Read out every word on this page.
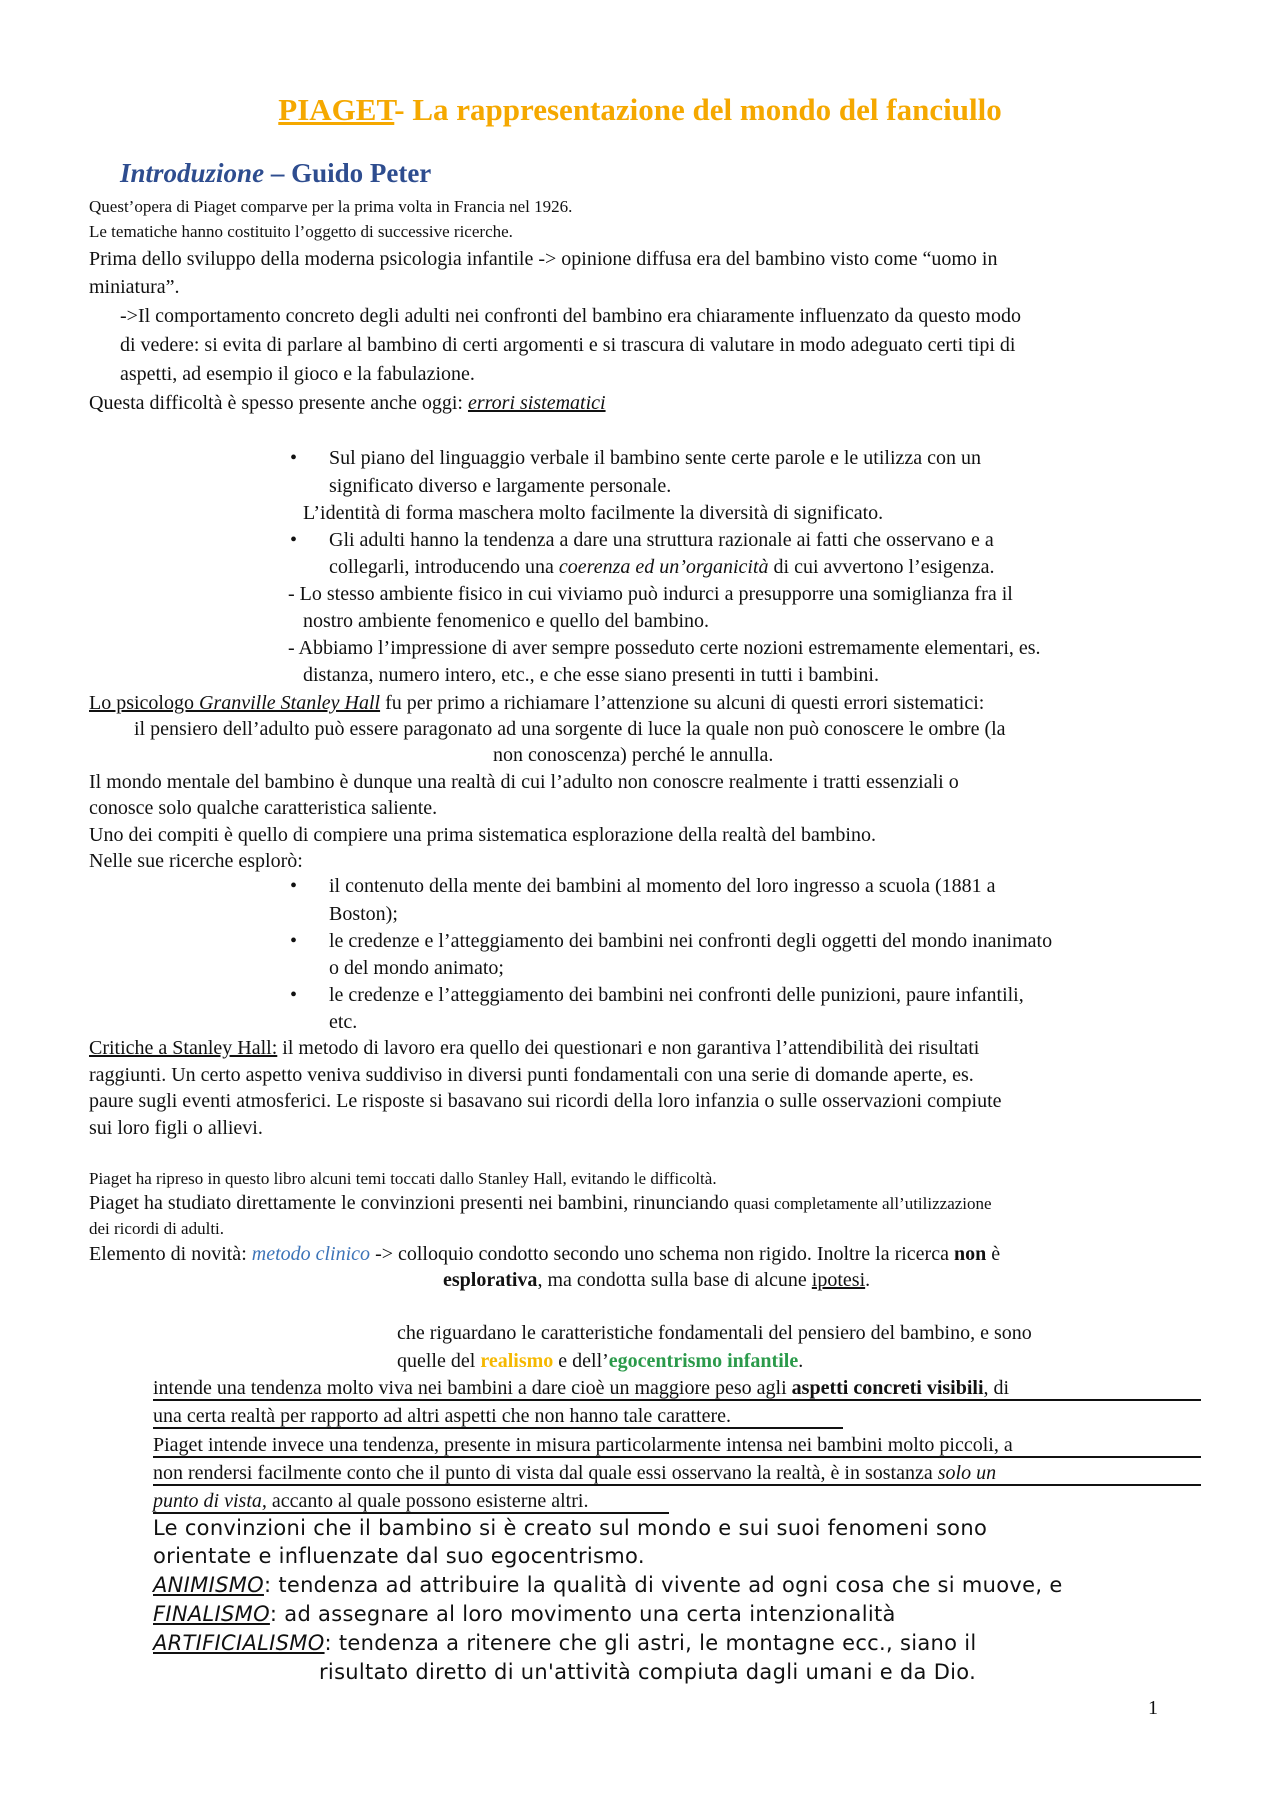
PIAGET- La rappresentazione del mondo del fanciullo
Introduzione – Guido Peter
Quest’opera di Piaget comparve per la prima volta in Francia nel 1926.
Le tematiche hanno costituito l’oggetto di successive ricerche.
Prima dello sviluppo della moderna psicologia infantile -> opinione diffusa era del bambino visto come “uomo in
miniatura”.
->Il comportamento concreto degli adulti nei confronti del bambino era chiaramente influenzato da questo modo
di vedere: si evita di parlare al bambino di certi argomenti e si trascura di valutare in modo adeguato certi tipi di
aspetti, ad esempio il gioco e la fabulazione.
Questa difficoltà è spesso presente anche oggi: errori sistematici
• Sul piano del linguaggio verbale il bambino sente certe parole e le utilizza con un
significato diverso e largamente personale.
L’identità di forma maschera molto facilmente la diversità di significato.
• Gli adulti hanno la tendenza a dare una struttura razionale ai fatti che osservano e a
collegarli, introducendo una coerenza ed un’organicità di cui avvertono l’esigenza.
- Lo stesso ambiente fisico in cui viviamo può indurci a presupporre una somiglianza fra il
nostro ambiente fenomenico e quello del bambino.
- Abbiamo l’impressione di aver sempre posseduto certe nozioni estremamente elementari, es.
distanza, numero intero, etc., e che esse siano presenti in tutti i bambini.
Lo psicologo Granville Stanley Hall fu per primo a richiamare l’attenzione su alcuni di questi errori sistematici:
il pensiero dell’adulto può essere paragonato ad una sorgente di luce la quale non può conoscere le ombre (la
non conoscenza) perché le annulla.
Il mondo mentale del bambino è dunque una realtà di cui l’adulto non conoscre realmente i tratti essenziali o
conosce solo qualche caratteristica saliente.
Uno dei compiti è quello di compiere una prima sistematica esplorazione della realtà del bambino.
Nelle sue ricerche esplorò:
• il contenuto della mente dei bambini al momento del loro ingresso a scuola (1881 a
Boston);
• le credenze e l’atteggiamento dei bambini nei confronti degli oggetti del mondo inanimato
o del mondo animato;
• le credenze e l’atteggiamento dei bambini nei confronti delle punizioni, paure infantili,
etc.
Critiche a Stanley Hall: il metodo di lavoro era quello dei questionari e non garantiva l’attendibilità dei risultati
raggiunti. Un certo aspetto veniva suddiviso in diversi punti fondamentali con una serie di domande aperte, es.
paure sugli eventi atmosferici. Le risposte si basavano sui ricordi della loro infanzia o sulle osservazioni compiute
sui loro figli o allievi.
Piaget ha ripreso in questo libro alcuni temi toccati dallo Stanley Hall, evitando le difficoltà.
Piaget ha studiato direttamente le convinzioni presenti nei bambini, rinunciando quasi completamente all’utilizzazione
dei ricordi di adulti.
Elemento di novità: metodo clinico -> colloquio condotto secondo uno schema non rigido. Inoltre la ricerca non è
esplorativa, ma condotta sulla base di alcune ipotesi.
che riguardano le caratteristiche fondamentali del pensiero del bambino, e sono
quelle del realismo e dell’egocentrismo infantile.
intende una tendenza molto viva nei bambini a dare cioè un maggiore peso agli aspetti concreti visibili, di
una certa realtà per rapporto ad altri aspetti che non hanno tale carattere.
Piaget intende invece una tendenza, presente in misura particolarmente intensa nei bambini molto piccoli, a
non rendersi facilmente conto che il punto di vista dal quale essi osservano la realtà, è in sostanza solo un
punto di vista, accanto al quale possono esisterne altri.
Le convinzioni che il bambino si è creato sul mondo e sui suoi fenomeni sono
orientate e influenzate dal suo egocentrismo.
ANIMISMO: tendenza ad attribuire la qualità di vivente ad ogni cosa che si muove, e
FINALISMO: ad assegnare al loro movimento una certa intenzionalità
ARTIFICIALISMO: tendenza a ritenere che gli astri, le montagne ecc., siano il
risultato diretto di un'attività compiuta dagli umani e da Dio.
1
